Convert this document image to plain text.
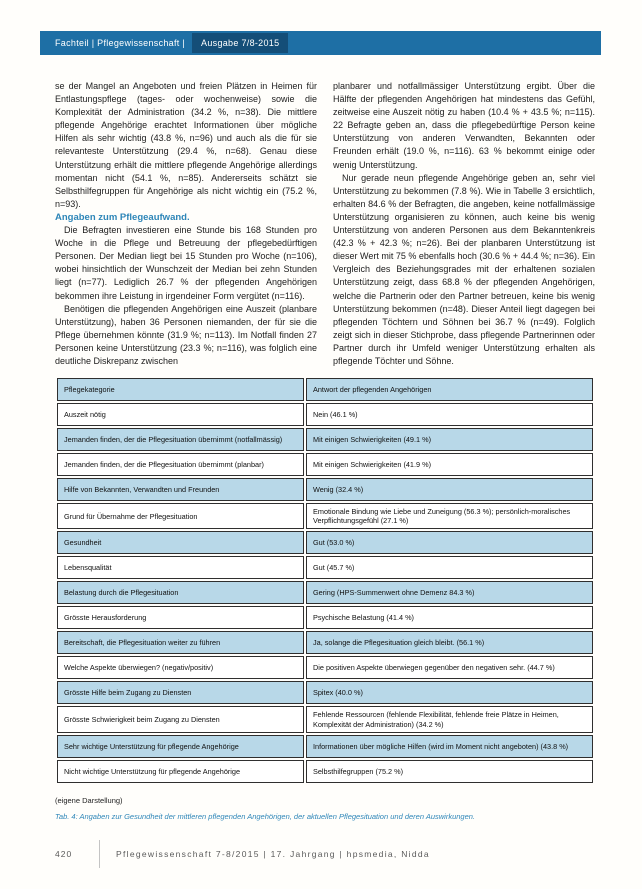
Fachteil | Pflegewissenschaft |	Ausgabe 7/8-2015

se der Mangel an Angeboten und freien Plätzen in Heimen für Entlastungspflege (tages- oder wochenweise) sowie die Komplexität der Administration (34.2 %, n=38). Die mittlere pflegende Angehörige erachtet Informationen über mögliche Hilfen als sehr wichtig (43.8 %, n=96) und auch als die für sie relevanteste Unterstützung (29.4 %, n=68). Genau diese Unterstützung erhält die mittlere pflegende Angehörige allerdings momentan nicht (54.1 %, n=85). Andererseits schätzt sie Selbsthilfegruppen für Angehörige als nicht wichtig ein (75.2 %, n=93).

Angaben zum Pflegeaufwand.

Die Befragten investieren eine Stunde bis 168 Stunden pro Woche in die Pflege und Betreuung der pflegebedürftigen Personen. Der Median liegt bei 15 Stunden pro Woche (n=106), wobei hinsichtlich der Wunschzeit der Median bei zehn Stunden liegt (n=77). Lediglich 26.7 % der pflegenden Angehörigen bekommen ihre Leistung in irgendeiner Form vergütet (n=116).

Benötigen die pflegenden Angehörigen eine Auszeit (planbare Unterstützung), haben 36 Personen niemanden, der für sie die Pflege übernehmen könnte (31.9 %; n=113). Im Notfall finden 27 Personen keine Unterstützung (23.3 %; n=116), was folglich eine deutliche Diskrepanz zwischen

planbarer und notfallmässiger Unterstützung ergibt. Über die Hälfte der pflegenden Angehörigen hat mindestens das Gefühl, zeitweise eine Auszeit nötig zu haben (10.4 % + 43.5 %; n=115). 22 Befragte geben an, dass die pflegebedürftige Person keine Unterstützung von anderen Verwandten, Bekannten oder Freunden erhält (19.0 %, n=116). 63 % bekommt einige oder wenig Unterstützung.

Nur gerade neun pflegende Angehörige geben an, sehr viel Unterstützung zu bekommen (7.8 %). Wie in Tabelle 3 ersichtlich, erhalten 84.6 % der Befragten, die angeben, keine notfallmässige Unterstützung organisieren zu können, auch keine bis wenig Unterstützung von anderen Personen aus dem Bekanntenkreis (42.3 % + 42.3 %; n=26). Bei der planbaren Unterstützung ist dieser Wert mit 75 % ebenfalls hoch (30.6 % + 44.4 %; n=36). Ein Vergleich des Beziehungsgrades mit der erhaltenen sozialen Unterstützung zeigt, dass 68.8 % der pflegenden Angehörigen, welche die Partnerin oder den Partner betreuen, keine bis wenig Unterstützung bekommen (n=48). Dieser Anteil liegt dagegen bei pflegenden Töchtern und Söhnen bei 36.7 % (n=49). Folglich zeigt sich in dieser Stichprobe, dass pflegende Partnerinnen oder Partner durch ihr Umfeld weniger Unterstützung erhalten als pflegende Töchter und Söhne.

Pflegekategorie	Antwort der pflegenden Angehörigen
Auszeit nötig	Nein (46.1 %)
Jemanden finden, der die Pflegesituation übernimmt (notfallmässig)	Mit einigen Schwierigkeiten (49.1 %)
Jemanden finden, der die Pflegesituation übernimmt (planbar)	Mit einigen Schwierigkeiten (41.9 %)
Hilfe von Bekannten, Verwandten und Freunden	Wenig (32.4 %)
Grund für Übernahme der Pflegesituation	Emotionale Bindung wie Liebe und Zuneigung (56.3 %); persönlich-moralisches Verpflichtungsgefühl (27.1 %)
Gesundheit	Gut (53.0 %)
Lebensqualität	Gut (45.7 %)
Belastung durch die Pflegesituation	Gering (HPS-Summenwert ohne Demenz 84.3 %)
Grösste Herausforderung	Psychische Belastung (41.4 %)
Bereitschaft, die Pflegesituation weiter zu führen	Ja, solange die Pflegesituation gleich bleibt. (56.1 %)
Welche Aspekte überwiegen? (negativ/positiv)	Die positiven Aspekte überwiegen gegenüber den negativen sehr. (44.7 %)
Grösste Hilfe beim Zugang zu Diensten	Spitex (40.0 %)
Grösste Schwierigkeit beim Zugang zu Diensten	Fehlende Ressourcen (fehlende Flexibilität, fehlende freie Plätze in Heimen, Komplexität der Administration) (34.2 %)
Sehr wichtige Unterstützung für pflegende Angehörige	Informationen über mögliche Hilfen (wird im Moment nicht angeboten) (43.8 %)
Nicht wichtige Unterstützung für pflegende Angehörige	Selbsthilfegruppen (75.2 %)
(eigene Darstellung)
Tab. 4: Angaben zur Gesundheit der mittleren pflegenden Angehörigen, der aktuellen Pflegesituation und deren Auswirkungen.
420	Pflegewissenschaft 7-8/2015 | 17. Jahrgang | hpsmedia, Nidda
